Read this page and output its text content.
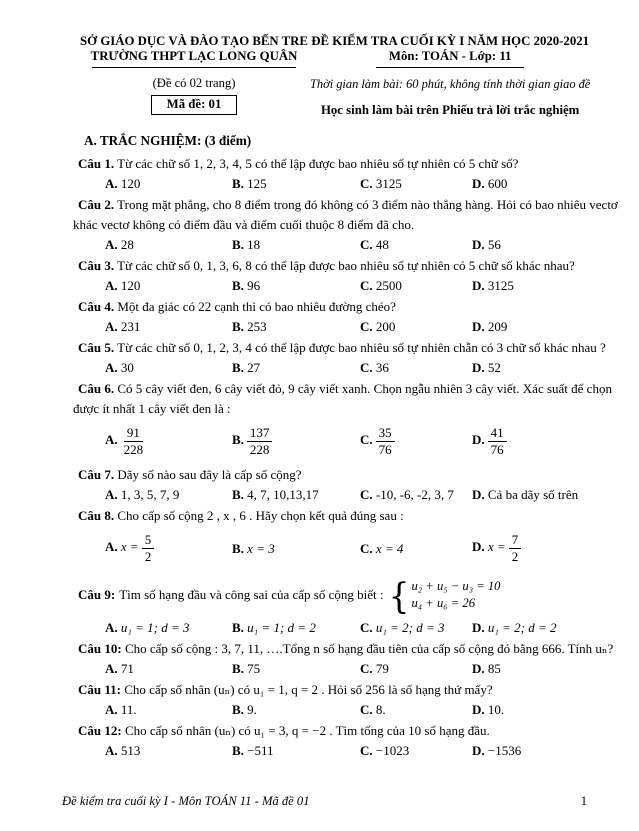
SỞ GIÁO DỤC VÀ ĐÀO TẠO BẾN TRE
TRƯỜNG THPT LẠC LONG QUÂN
(Đề có 02 trang)
Mã đề: 01
ĐỀ KIỂM TRA CUỐI KỲ I NĂM HỌC 2020-2021
Môn: TOÁN - Lớp: 11
Thời gian làm bài: 60 phút, không tính thời gian giao đề
Học sinh làm bài trên Phiếu trả lời trắc nghiệm
A. TRẮC NGHIỆM: (3 điểm)
Câu 1. Từ các chữ số 1, 2, 3, 4, 5 có thể lập được bao nhiêu số tự nhiên có 5 chữ số?
A. 120	B. 125	C. 3125	D. 600
Câu 2. Trong mặt phẳng, cho 8 điểm trong đó không có 3 điểm nào thẳng hàng. Hỏi có bao nhiêu vectơ
khác vectơ không có điểm đầu và điểm cuối thuộc 8 điểm đã cho.
A. 28	B. 18	C. 48	D. 56
Câu 3. Từ các chữ số 0, 1, 3, 6, 8 có thể lập được bao nhiêu số tự nhiên có 5 chữ số khác nhau?
A. 120	B. 96	C. 2500	D. 3125
Câu 4. Một đa giác có 22 cạnh thì có bao nhiêu đường chéo?
A. 231	B. 253	C. 200	D. 209
Câu 5. Từ các chữ số 0, 1, 2, 3, 4 có thể lập được bao nhiêu số tự nhiên chẵn có 3 chữ số khác nhau ?
A. 30	B. 27	C. 36	D. 52
Câu 6. Có 5 cây viết đen, 6 cây viết đỏ, 9 cây viết xanh. Chọn ngẫu nhiên 3 cây viết. Xác suất để chọn
được ít nhất 1 cây viết đen là :
A. $\frac{91}{228}$	B. $\frac{137}{228}$	C. $\frac{35}{76}$	D. $\frac{41}{76}$
Câu 7. Dãy số nào sau đây là cấp số cộng?
A. 1, 3, 5, 7, 9	B. 4, 7, 10,13,17	C. -10, -6, -2, 3, 7	D. Cả ba dãy số trên
Câu 8. Cho cấp số cộng 2 , x , 6 . Hãy chọn kết quả đúng sau :
A. $x = \frac{5}{2}$	B. x = 3	C. x = 4	D. $x = \frac{7}{2}$
Câu 9: Tìm số hạng đầu và công sai của cấp số cộng biết : { u₂ + u₅ − u₃ = 10
u₄ + u₆ = 26
A. u₁ = 1; d = 3	B. u₁ = 1; d = 2	C. u₁ = 2; d = 3	D. u₁ = 2; d = 2
Câu 10: Cho cấp số cộng : 3, 7, 11, ….Tổng n số hạng đầu tiên của cấp số cộng đó bằng 666. Tính uₙ?
A. 71	B. 75	C. 79	D. 85
Câu 11: Cho cấp số nhân (uₙ) có u₁ = 1, q = 2 . Hỏi số 256 là số hạng thứ mấy?
A. 11.	B. 9.	C. 8.	D. 10.
Câu 12: Cho cấp số nhân (uₙ) có u₁ = 3, q = −2 . Tìm tổng của 10 số hạng đầu.
A. 513	B. −511	C. −1023	D. −1536
Đề kiểm tra cuối kỳ I - Môn TOÁN 11 - Mã đề 01	1
